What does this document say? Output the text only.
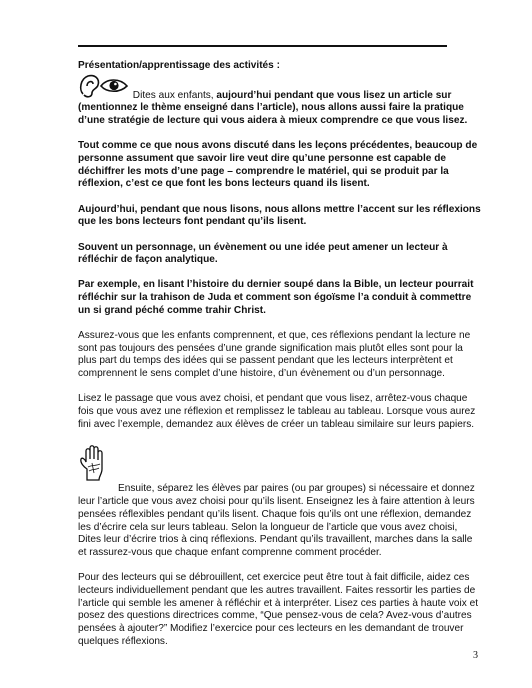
Présentation/apprentissage des activités :

Dites aux enfants, aujourd’hui pendant que vous lisez un article sur (mentionnez le thème enseigné dans l’article), nous allons aussi faire la pratique d’une stratégie de lecture qui vous aidera à mieux comprendre ce que vous lisez.

Tout comme ce que nous avons discuté dans les leçons précédentes, beaucoup de personne assument que savoir lire veut dire qu’une personne est capable de déchiffrer les mots d’une page – comprendre le matériel, qui se produit par la réflexion, c’est ce que font les bons lecteurs quand ils lisent.

Aujourd’hui, pendant que nous lisons, nous allons mettre l’accent sur les réflexions que les bons lecteurs font pendant qu’ils lisent.

Souvent un personnage, un évènement ou une idée peut amener un lecteur à réfléchir de façon analytique.

Par exemple, en lisant l’histoire du dernier soupé dans la Bible, un lecteur pourrait réfléchir sur la trahison de Juda et comment son égoïsme l’a conduit à commettre un si grand péché comme trahir Christ.

Assurez-vous que les enfants comprennent, et que, ces réflexions pendant la lecture ne sont pas toujours des pensées d’une grande signification mais plutôt elles sont pour la plus part du temps des idées qui se passent pendant que les lecteurs interprètent et comprennent le sens complet d’une histoire, d’un évènement ou d’un personnage.

Lisez le passage que vous avez choisi, et pendant que vous lisez, arrêtez-vous chaque fois que vous avez une réflexion et remplissez le tableau au tableau. Lorsque vous aurez fini avec l’exemple, demandez aux élèves de créer un tableau similaire sur leurs papiers.

Ensuite, séparez les élèves par paires (ou par groupes) si nécessaire et donnez leur l’article que vous avez choisi pour qu’ils lisent. Enseignez les à faire attention à leurs pensées réflexibles pendant qu’ils lisent. Chaque fois qu’ils ont une réflexion, demandez les d’écrire cela sur leurs tableau. Selon la longueur de l’article que vous avez choisi, Dites leur d’écrire trios à cinq réflexions. Pendant qu’ils travaillent, marches dans la salle et rassurez-vous que chaque enfant comprenne comment procéder.

Pour des lecteurs qui se débrouillent, cet exercice peut être tout à fait difficile, aidez ces lecteurs individuellement pendant que les autres travaillent. Faites ressortir les parties de l’article qui semble les amener à réfléchir et à interpréter. Lisez ces parties à haute voix et posez des questions directrices comme, “Que pensez-vous de cela? Avez-vous d’autres pensées à ajouter?” Modifiez l’exercice pour ces lecteurs en les demandant de trouver quelques réflexions.

3
